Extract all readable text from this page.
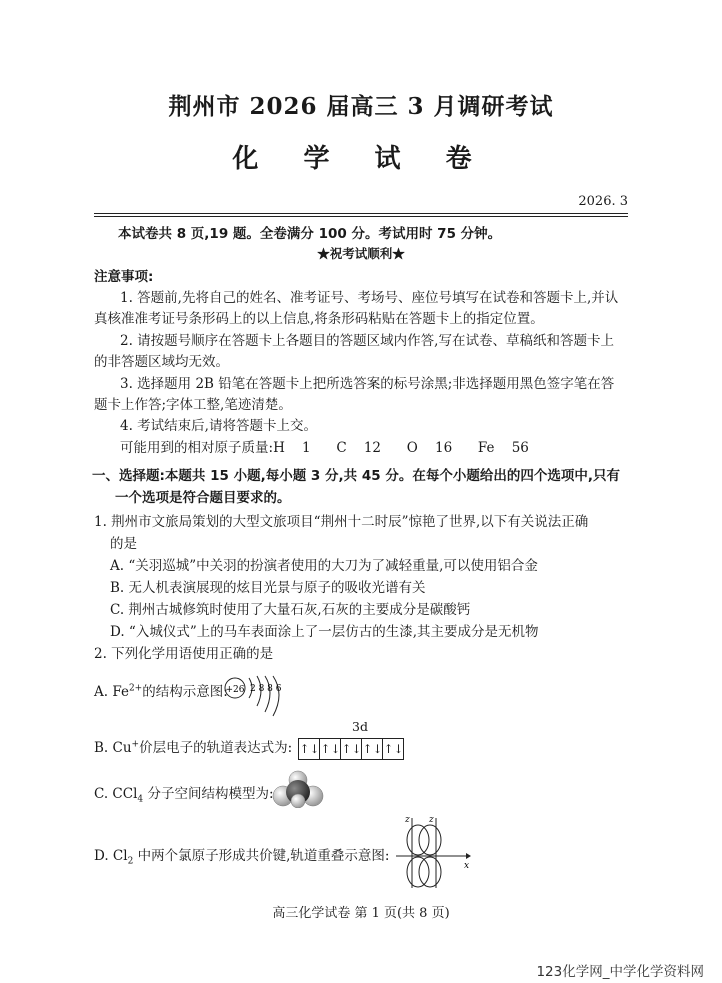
荆州市 2026 届高三 3 月调研考试
化 学 试 卷
2026. 3
本试卷共 8 页,19 题。全卷满分 100 分。考试用时 75 分钟。
★祝考试顺利★
注意事项:
1. 答题前,先将自己的姓名、准考证号、考场号、座位号填写在试卷和答题卡上,并认
真核准准考证号条形码上的以上信息,将条形码粘贴在答题卡上的指定位置。
2. 请按题号顺序在答题卡上各题目的答题区域内作答,写在试卷、草稿纸和答题卡上
的非答题区域均无效。
3. 选择题用 2B 铅笔在答题卡上把所选答案的标号涂黑;非选择题用黑色签字笔在答
题卡上作答;字体工整,笔迹清楚。
4. 考试结束后,请将答题卡上交。
可能用到的相对原子质量:H    1      C    12      O    16      Fe    56
一、选择题:本题共 15 小题,每小题 3 分,共 45 分。在每个小题给出的四个选项中,只有
一个选项是符合题目要求的。
1. 荆州市文旅局策划的大型文旅项目“荆州十二时辰”惊艳了世界,以下有关说法正确
的是
A. “关羽巡城”中关羽的扮演者使用的大刀为了减轻重量,可以使用铝合金
B. 无人机表演展现的炫目光景与原子的吸收光谱有关
C. 荆州古城修筑时使用了大量石灰,石灰的主要成分是碳酸钙
D. “入城仪式”上的马车表面涂上了一层仿古的生漆,其主要成分是无机物
2. 下列化学用语使用正确的是
A. $Fe^{2+}$的结构示意图:
+26 2 8 8 6
3d
B. Cu+价层电子的轨道表达式为: ↑↓ ↑↓ ↑↓ ↑↓ ↑↓
C. CCl$_4$ 分子空间结构模型为:
D. $Cl_2$ 中两个氯原子形成共价键,轨道重叠示意图:
z z
x
高三化学试卷 第 1 页(共 8 页)
123化学网_中学化学资料网
